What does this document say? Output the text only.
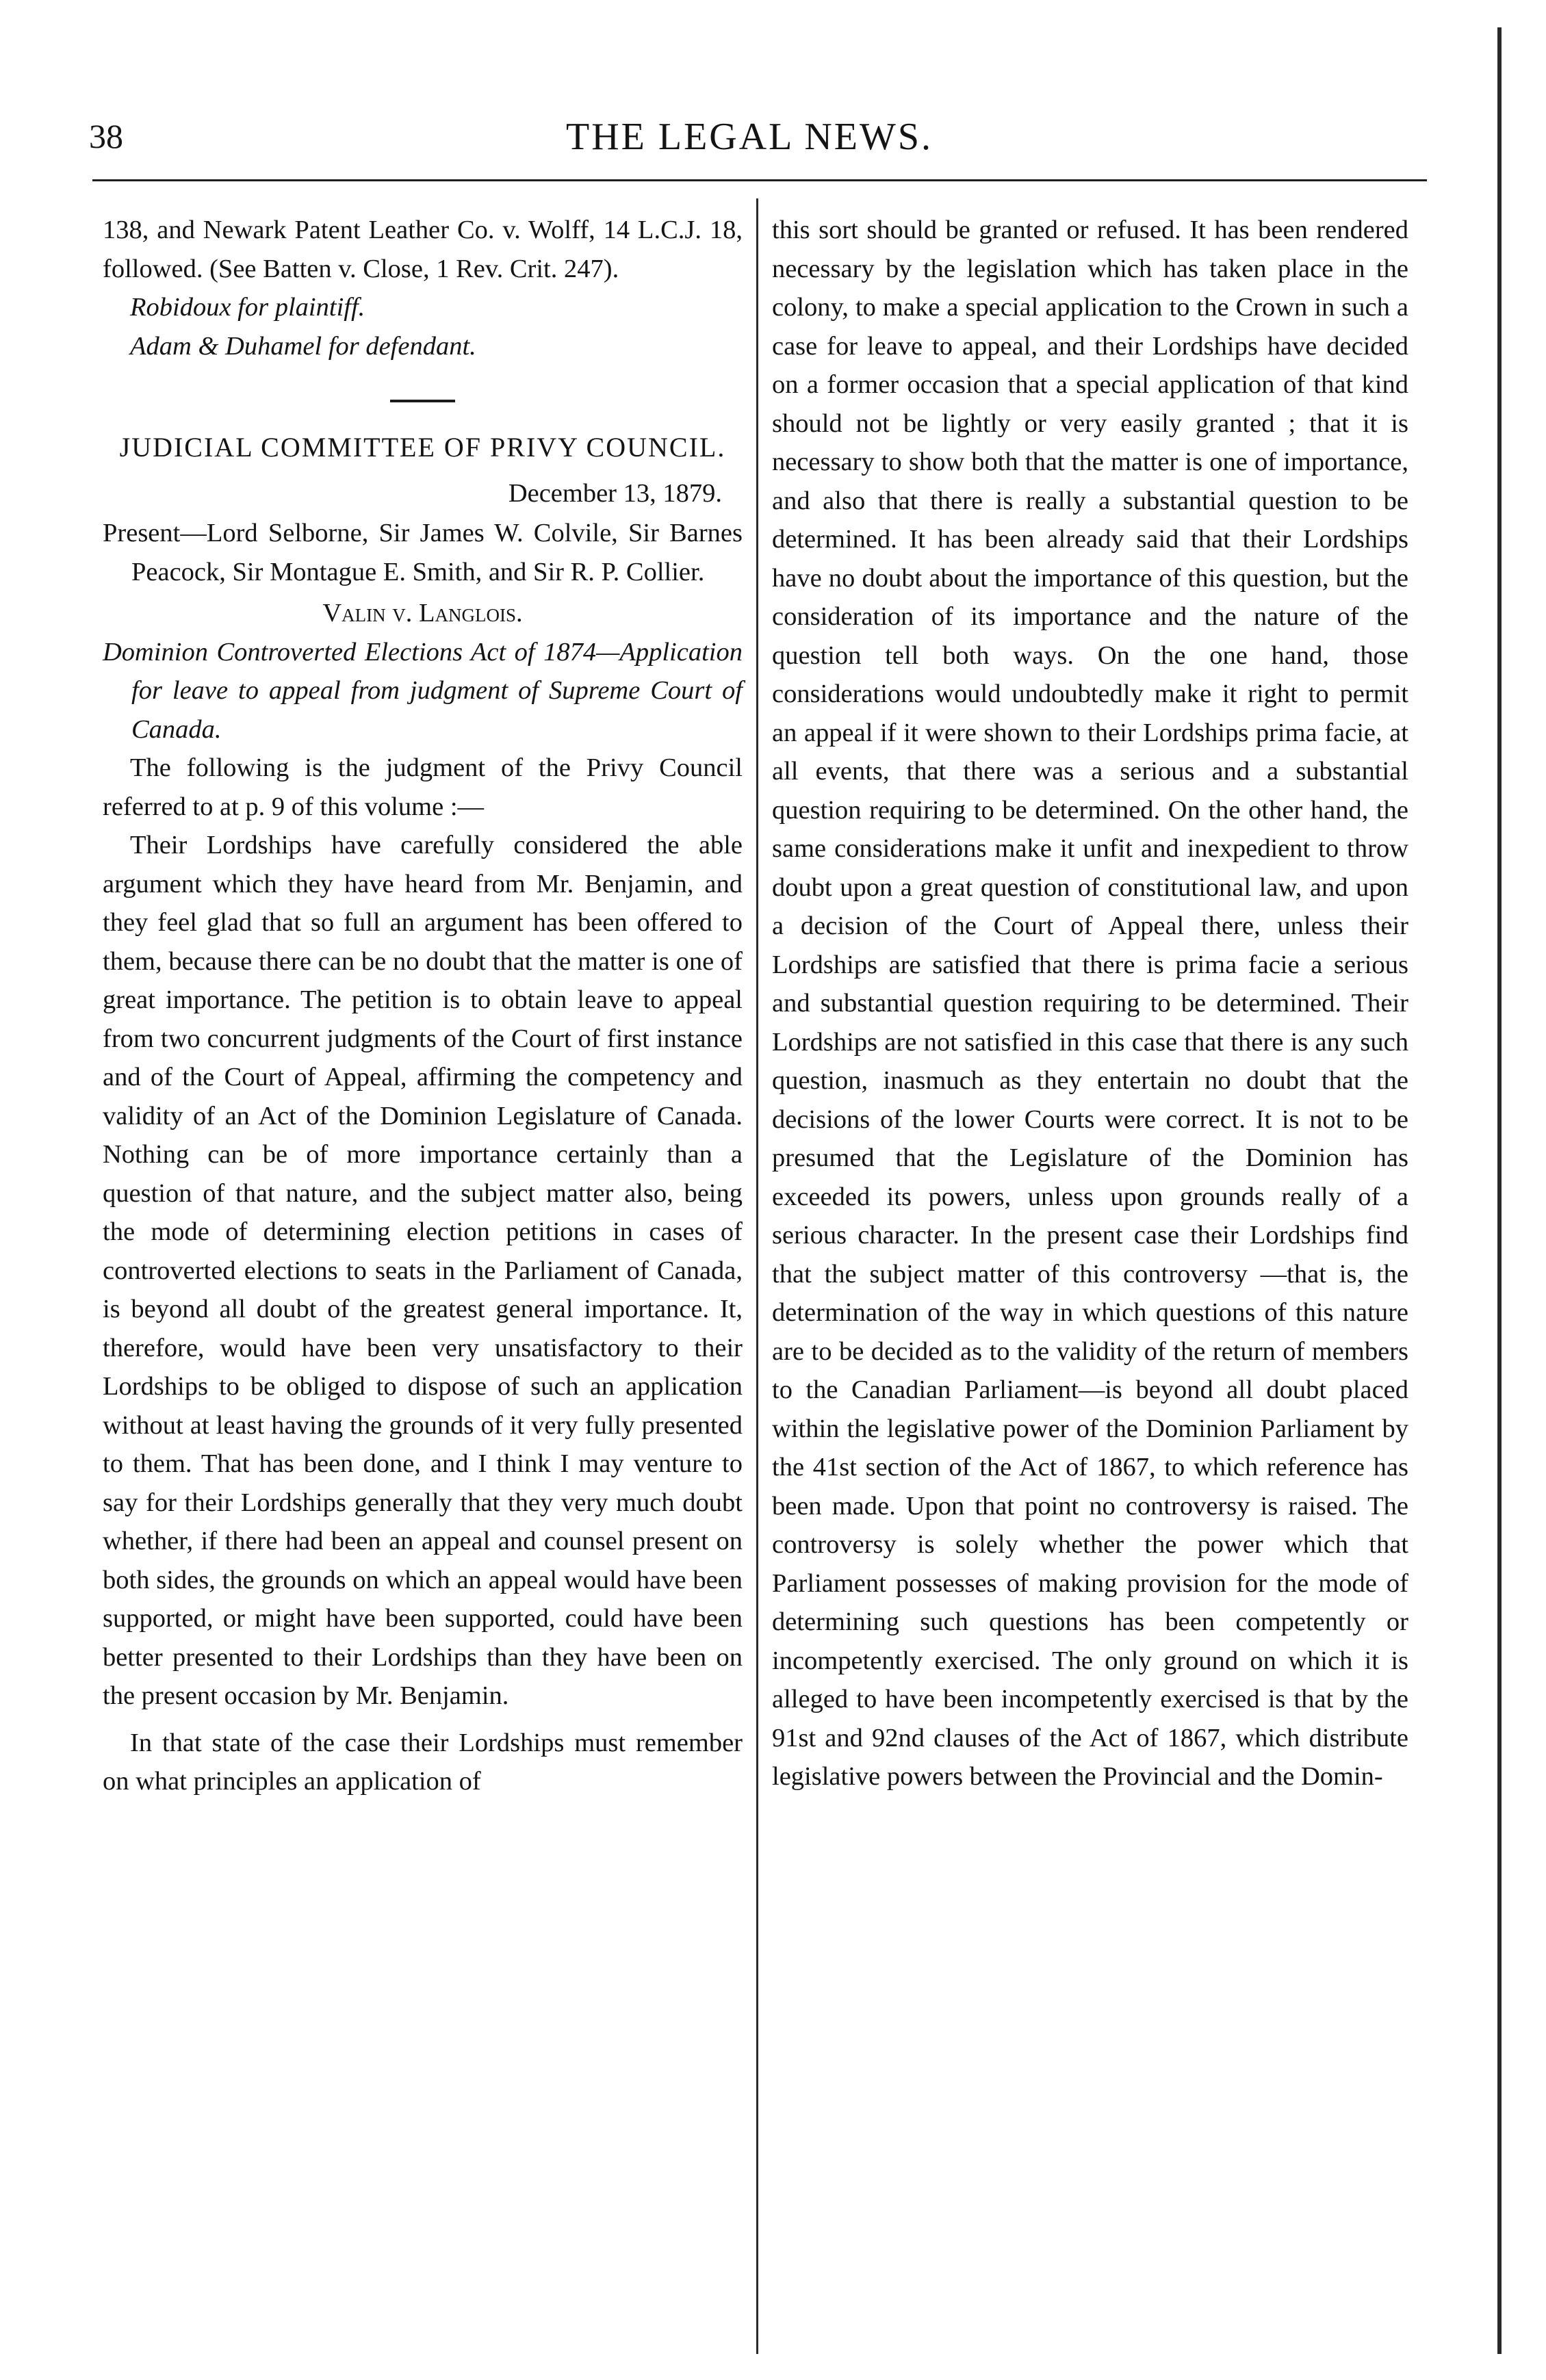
38	THE LEGAL NEWS.

138, and Newark Patent Leather Co. v. Wolff, 14 L.C.J. 18, followed. (See Batten v. Close, 1 Rev. Crit. 247).

Robidoux for plaintiff.

Adam & Duhamel for defendant.

JUDICIAL COMMITTEE OF PRIVY COUNCIL.

December 13, 1879.

Present—Lord Selborne, Sir James W. Colvile, Sir Barnes Peacock, Sir Montague E. Smith, and Sir R. P. Collier.

Valin v. Langlois.

Dominion Controverted Elections Act of 1874—Application for leave to appeal from judgment of Supreme Court of Canada.

The following is the judgment of the Privy Council referred to at p. 9 of this volume :—

Their Lordships have carefully considered the able argument which they have heard from Mr. Benjamin, and they feel glad that so full an argument has been offered to them, because there can be no doubt that the matter is one of great importance. The petition is to obtain leave to appeal from two concurrent judgments of the Court of first instance and of the Court of Appeal, affirming the competency and validity of an Act of the Dominion Legislature of Canada. Nothing can be of more importance certainly than a question of that nature, and the subject matter also, being the mode of determining election petitions in cases of controverted elections to seats in the Parliament of Canada, is beyond all doubt of the greatest general importance. It, therefore, would have been very unsatisfactory to their Lordships to be obliged to dispose of such an application without at least having the grounds of it very fully presented to them. That has been done, and I think I may venture to say for their Lordships generally that they very much doubt whether, if there had been an appeal and counsel present on both sides, the grounds on which an appeal would have been supported, or might have been supported, could have been better presented to their Lordships than they have been on the present occasion by Mr. Benjamin.

In that state of the case their Lordships must remember on what principles an application of

this sort should be granted or refused. It has been rendered necessary by the legislation which has taken place in the colony, to make a special application to the Crown in such a case for leave to appeal, and their Lordships have decided on a former occasion that a special application of that kind should not be lightly or very easily granted ; that it is necessary to show both that the matter is one of importance, and also that there is really a substantial question to be determined. It has been already said that their Lordships have no doubt about the importance of this question, but the consideration of its importance and the nature of the question tell both ways. On the one hand, those considerations would undoubtedly make it right to permit an appeal if it were shown to their Lordships prima facie, at all events, that there was a serious and a substantial question requiring to be determined. On the other hand, the same considerations make it unfit and inexpedient to throw doubt upon a great question of constitutional law, and upon a decision of the Court of Appeal there, unless their Lordships are satisfied that there is prima facie a serious and substantial question requiring to be determined. Their Lordships are not satisfied in this case that there is any such question, inasmuch as they entertain no doubt that the decisions of the lower Courts were correct. It is not to be presumed that the Legislature of the Dominion has exceeded its powers, unless upon grounds really of a serious character. In the present case their Lordships find that the subject matter of this controversy —that is, the determination of the way in which questions of this nature are to be decided as to the validity of the return of members to the Canadian Parliament—is beyond all doubt placed within the legislative power of the Dominion Parliament by the 41st section of the Act of 1867, to which reference has been made. Upon that point no controversy is raised. The controversy is solely whether the power which that Parliament possesses of making provision for the mode of determining such questions has been competently or incompetently exercised. The only ground on which it is alleged to have been incompetently exercised is that by the 91st and 92nd clauses of the Act of 1867, which distribute legislative powers between the Provincial and the Domin-
